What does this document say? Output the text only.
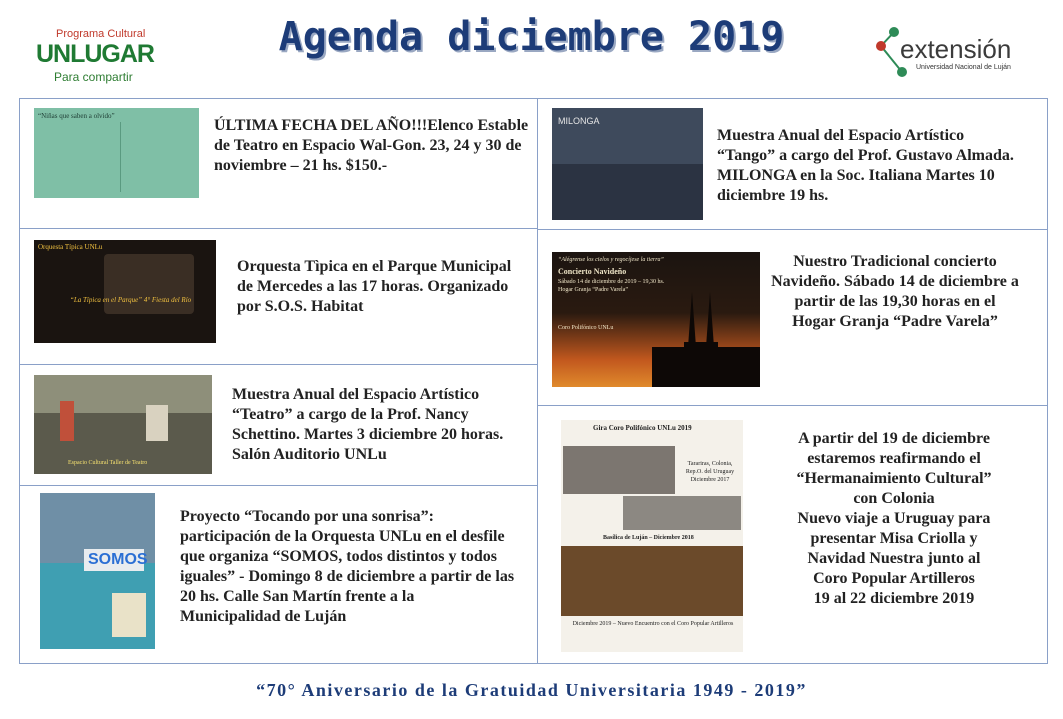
Programa Cultural
UNLUGAR
Para compartir
Agenda diciembre 2019	extensión
Universidad Nacional de Luján
“Niñas que saben a olvido”
ÚLTIMA FECHA DEL AÑO!!!Elenco Estable de Teatro en Espacio Wal-Gon. 23, 24 y 30 de noviembre – 21 hs. $150.-
Orquesta Típica UNLu
“La Típica en el Parque” 4° Fiesta del Río
Orquesta Tìpica en el Parque Municipal de Mercedes a las 17 horas. Organizado por S.O.S. Habitat
Espacio Cultural Taller de Teatro
Muestra Anual del Espacio Artístico “Teatro” a cargo de la Prof. Nancy Schettino. Martes 3 diciembre 20 horas. Salón Auditorio UNLu
SOMOS
Proyecto “Tocando por una sonrisa”: participación de la Orquesta UNLu en el desfile que organiza “SOMOS, todos distintos y todos iguales” - Domingo 8 de diciembre a partir de las 20 hs. Calle San Martín frente a la Municipalidad de Luján
MILONGA
Muestra Anual del Espacio Artístico “Tango” a cargo del Prof. Gustavo Almada. MILONGA en la Soc. Italiana Martes 10 diciembre 19 hs.
“Alégrense los cielos y regocíjese la tierra”
Concierto Navideño
Sábado 14 de diciembre de 2019 – 19,30 hs. Hogar Granja “Padre Varela”
Coro Polifónico UNLu
Nuestro Tradicional concierto Navideño. Sábado 14 de diciembre a partir de las 19,30 horas en el Hogar Granja “Padre Varela”
Gira Coro Polifónico UNLu 2019
Tarariras, Colonia, Rep.O. del Uruguay Diciembre 2017
Basílica de Luján – Diciembre 2018
Diciembre 2019 – Nuevo Encuentro con el Coro Popular Artilleros
A partir del 19 de diciembre
estaremos reafirmando el
“Hermanaimiento Cultural”
con Colonia
Nuevo viaje a Uruguay para
presentar Misa Criolla y
Navidad Nuestra junto al
Coro Popular Artilleros
19 al 22 diciembre 2019
“70° Aniversario de la Gratuidad Universitaria 1949 - 2019”
